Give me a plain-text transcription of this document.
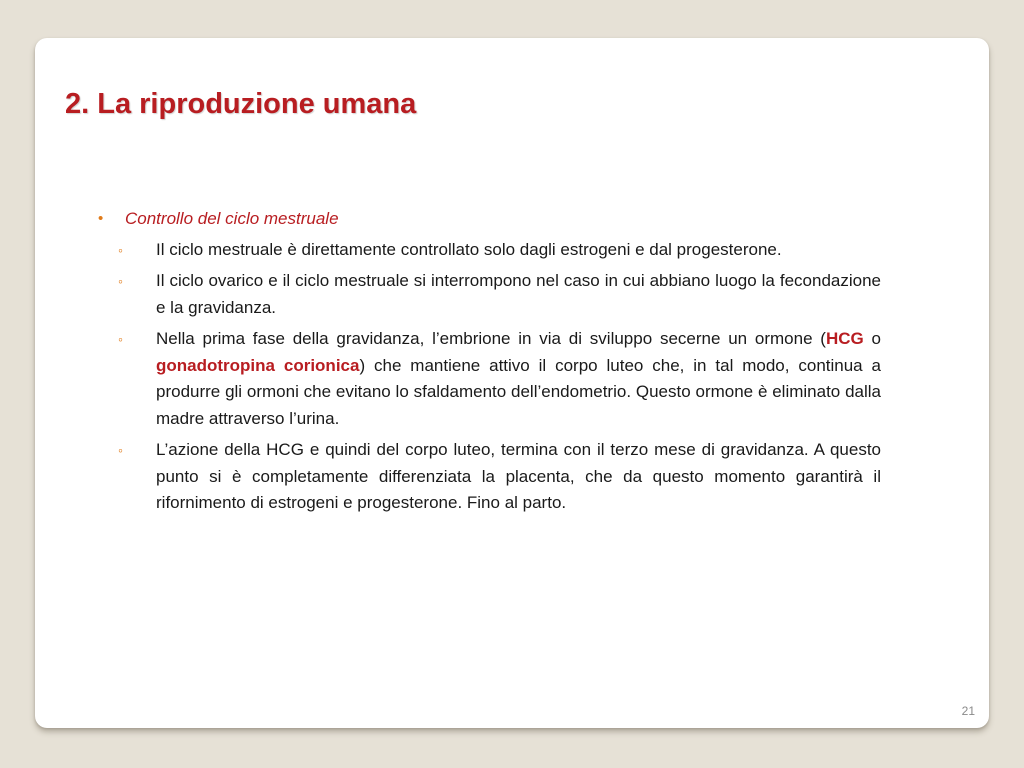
2. La riproduzione umana
• Controllo del ciclo mestruale
◦ Il ciclo mestruale è direttamente controllato solo dagli estrogeni e dal progesterone.
◦ Il ciclo ovarico e il ciclo mestruale si interrompono nel caso in cui abbiano luogo la fecondazione e la gravidanza.
◦ Nella prima fase della gravidanza, l’embrione in via di sviluppo secerne un ormone (HCG o gonadotropina corionica) che mantiene attivo il corpo luteo che, in tal modo, continua a produrre gli ormoni che evitano lo sfaldamento dell’endometrio. Questo ormone è eliminato dalla madre attraverso l’urina.
◦ L’azione della HCG e quindi del corpo luteo, termina con il terzo mese di gravidanza. A questo punto si è completamente differenziata la placenta, che da questo momento garantirà il rifornimento di estrogeni e progesterone. Fino al parto.
21
